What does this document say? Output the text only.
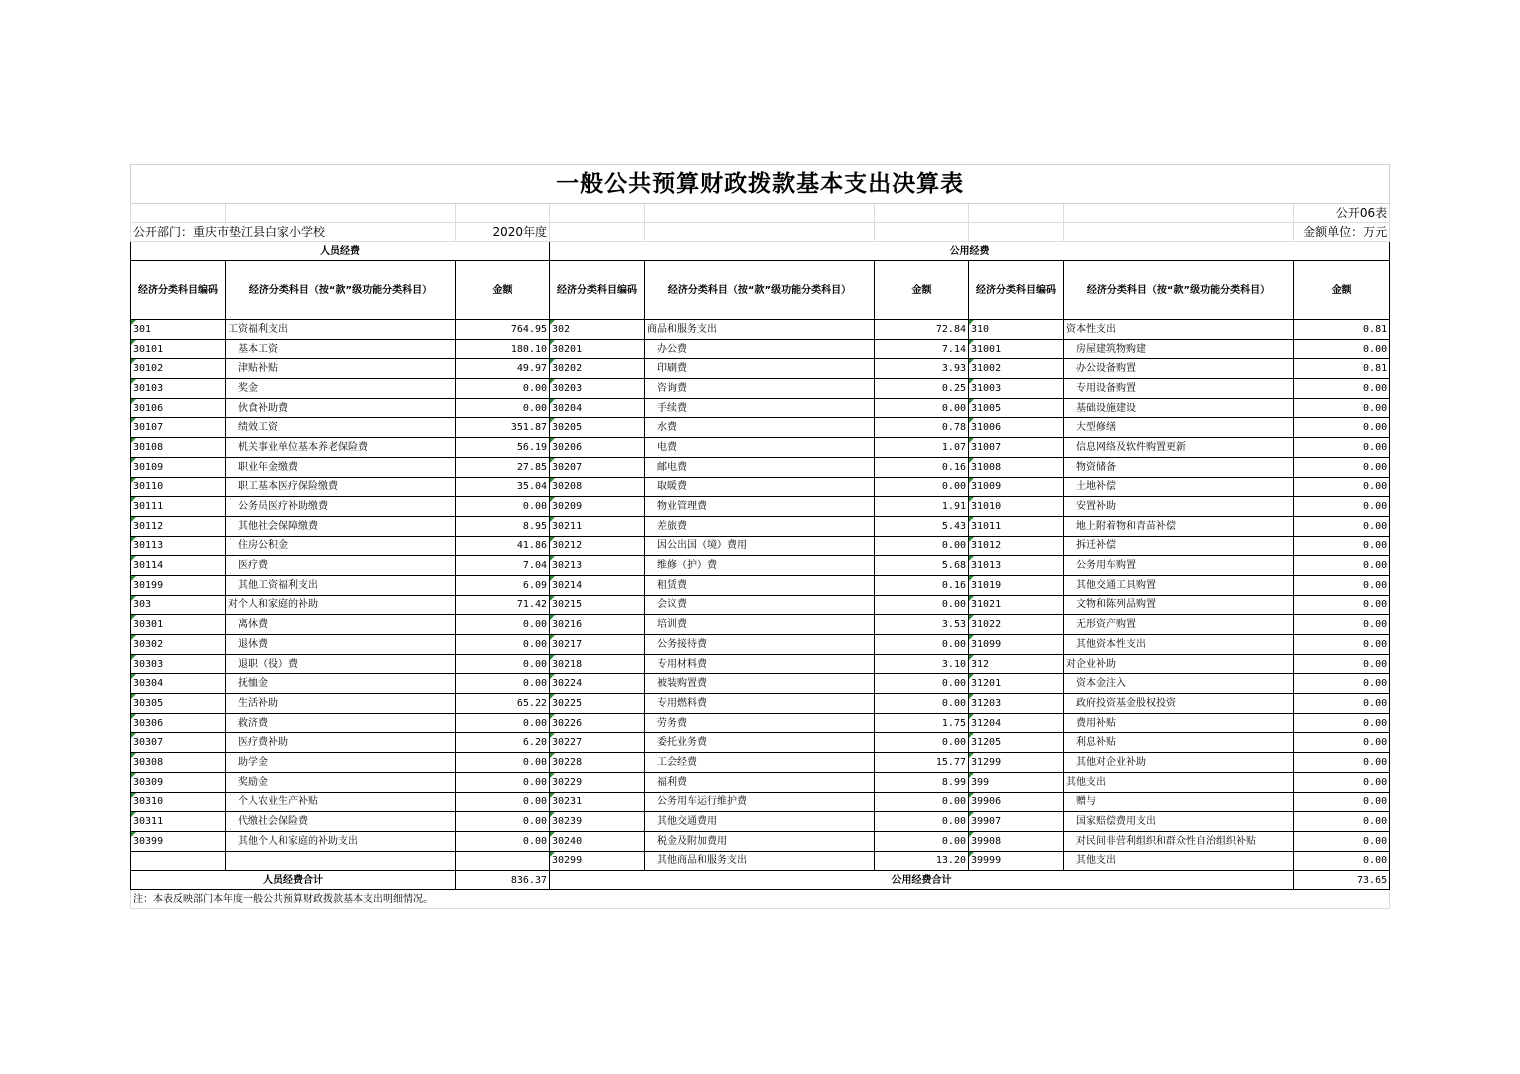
一般公共预算财政拨款基本支出决算表								
								公开06表
公开部门：重庆市垫江县白家小学校		2020年度						金额单位：万元
人员经费			公用经费					
经济分类科目编码	经济分类科目（按“款”级功能分类科目）	金额	经济分类科目编码	经济分类科目（按“款”级功能分类科目）	金额	经济分类科目编码	经济分类科目（按“款”级功能分类科目）	金额
301	工资福利支出	764.95	302	商品和服务支出	72.84	310	资本性支出	0.81
30101	基本工资	180.10	30201	办公费	7.14	31001	房屋建筑物购建	0.00
30102	津贴补贴	49.97	30202	印刷费	3.93	31002	办公设备购置	0.81
30103	奖金	0.00	30203	咨询费	0.25	31003	专用设备购置	0.00
30106	伙食补助费	0.00	30204	手续费	0.00	31005	基础设施建设	0.00
30107	绩效工资	351.87	30205	水费	0.78	31006	大型修缮	0.00
30108	机关事业单位基本养老保险费	56.19	30206	电费	1.07	31007	信息网络及软件购置更新	0.00
30109	职业年金缴费	27.85	30207	邮电费	0.16	31008	物资储备	0.00
30110	职工基本医疗保险缴费	35.04	30208	取暖费	0.00	31009	土地补偿	0.00
30111	公务员医疗补助缴费	0.00	30209	物业管理费	1.91	31010	安置补助	0.00
30112	其他社会保障缴费	8.95	30211	差旅费	5.43	31011	地上附着物和青苗补偿	0.00
30113	住房公积金	41.86	30212	因公出国（境）费用	0.00	31012	拆迁补偿	0.00
30114	医疗费	7.04	30213	维修（护）费	5.68	31013	公务用车购置	0.00
30199	其他工资福利支出	6.09	30214	租赁费	0.16	31019	其他交通工具购置	0.00
303	对个人和家庭的补助	71.42	30215	会议费	0.00	31021	文物和陈列品购置	0.00
30301	离休费	0.00	30216	培训费	3.53	31022	无形资产购置	0.00
30302	退休费	0.00	30217	公务接待费	0.00	31099	其他资本性支出	0.00
30303	退职（役）费	0.00	30218	专用材料费	3.10	312	对企业补助	0.00
30304	抚恤金	0.00	30224	被装购置费	0.00	31201	资本金注入	0.00
30305	生活补助	65.22	30225	专用燃料费	0.00	31203	政府投资基金股权投资	0.00
30306	救济费	0.00	30226	劳务费	1.75	31204	费用补贴	0.00
30307	医疗费补助	6.20	30227	委托业务费	0.00	31205	利息补贴	0.00
30308	助学金	0.00	30228	工会经费	15.77	31299	其他对企业补助	0.00
30309	奖励金	0.00	30229	福利费	8.99	399	其他支出	0.00
30310	个人农业生产补贴	0.00	30231	公务用车运行维护费	0.00	39906	赠与	0.00
30311	代缴社会保险费	0.00	30239	其他交通费用	0.00	39907	国家赔偿费用支出	0.00
30399	其他个人和家庭的补助支出	0.00	30240	税金及附加费用	0.00	39908	对民间非营利组织和群众性自治组织补贴	0.00
			30299	其他商品和服务支出	13.20	39999	其他支出	0.00
人员经费合计		836.37	公用经费合计					73.65
注：本表反映部门本年度一般公共预算财政拨款基本支出明细情况。								
